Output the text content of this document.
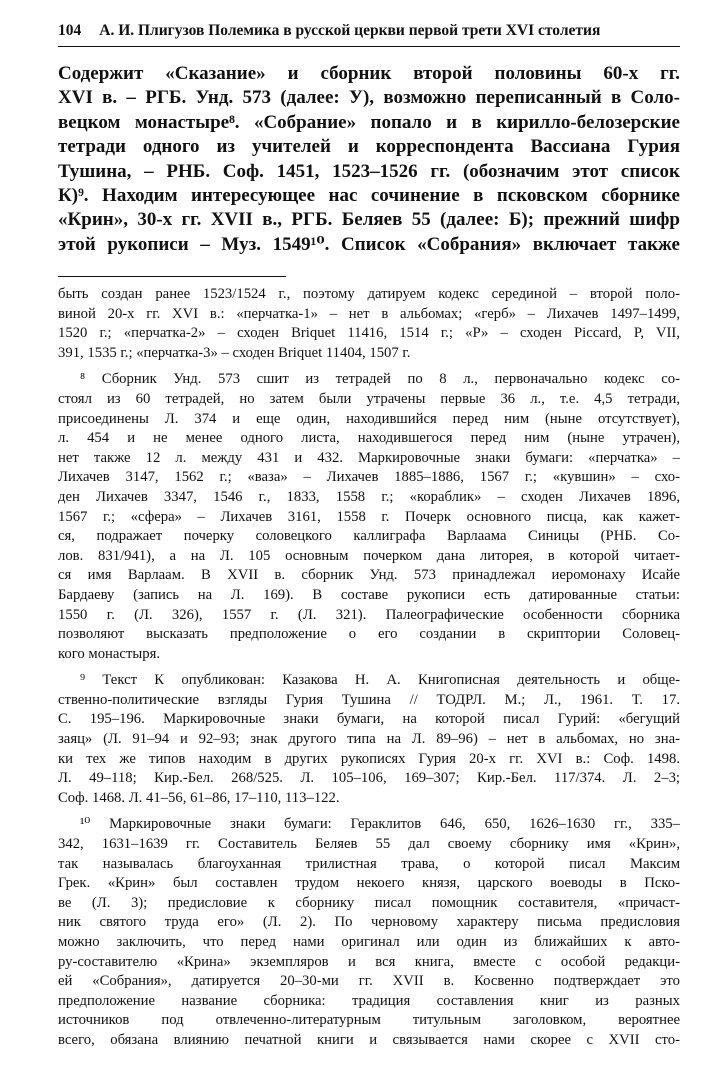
104 А. И. Плигузов Полемика в русской церкви первой трети XVI столетия
Содержит «Сказание» и сборник второй половины 60-х гг.
XVI в. – РГБ. Унд. 573 (далее: У), возможно переписанный в Соло-
вецком монастыре⁸. «Собрание» попало и в кирилло-белозерские
тетради одного из учителей и корреспондента Вассиана Гурия
Тушина, – РНБ. Соф. 1451, 1523–1526 гг. (обозначим этот список
К)⁹. Находим интересующее нас сочинение в псковском сборнике
«Крин», 30-х гг. XVII в., РГБ. Беляев 55 (далее: Б); прежний шифр
этой рукописи – Муз. 1549¹⁰. Список «Собрания» включает также
быть создан ранее 1523/1524 г., поэтому датируем кодекс серединой – второй поло-
виной 20-х гг. XVI в.: «перчатка-1» – нет в альбомах; «герб» – Лихачев 1497–1499,
1520 г.; «перчатка-2» – сходен Briquet 11416, 1514 г.; «Р» – сходен Piccard, P, VII,
391, 1535 г.; «перчатка-3» – сходен Briquet 11404, 1507 г.
⁸ Сборник Унд. 573 сшит из тетрадей по 8 л., первоначально кодекс со-
стоял из 60 тетрадей, но затем были утрачены первые 36 л., т.е. 4,5 тетради,
присоединены Л. 374 и еще один, находившийся перед ним (ныне отсутствует),
л. 454 и не менее одного листа, находившегося перед ним (ныне утрачен),
нет также 12 л. между 431 и 432. Маркировочные знаки бумаги: «перчатка» –
Лихачев 3147, 1562 г.; «ваза» – Лихачев 1885–1886, 1567 г.; «кувшин» – схо-
ден Лихачев 3347, 1546 г., 1833, 1558 г.; «кораблик» – сходен Лихачев 1896,
1567 г.; «сфера» – Лихачев 3161, 1558 г. Почерк основного писца, как кажет-
ся, подражает почерку соловецкого каллиграфа Варлаама Синицы (РНБ. Со-
лов. 831/941), а на Л. 105 основным почерком дана литорея, в которой читает-
ся имя Варлаам. В XVII в. сборник Унд. 573 принадлежал иеромонаху Исайе
Бардаеву (запись на Л. 169). В составе рукописи есть датированные статьи:
1550 г. (Л. 326), 1557 г. (Л. 321). Палеографические особенности сборника
позволяют высказать предположение о его создании в скриптории Соловец-
кого монастыря.
⁹ Текст К опубликован: Казакова Н. А. Книгописная деятельность и обще-
ственно-политические взгляды Гурия Тушина // ТОДРЛ. М.; Л., 1961. Т. 17.
С. 195–196. Маркировочные знаки бумаги, на которой писал Гурий: «бегущий
заяц» (Л. 91–94 и 92–93; знак другого типа на Л. 89–96) – нет в альбомах, но зна-
ки тех же типов находим в других рукописях Гурия 20-х гг. XVI в.: Соф. 1498.
Л. 49–118; Кир.-Бел. 268/525. Л. 105–106, 169–307; Кир.-Бел. 117/374. Л. 2–3;
Соф. 1468. Л. 41–56, 61–86, 17–110, 113–122.
¹⁰ Маркировочные знаки бумаги: Гераклитов 646, 650, 1626–1630 гг., 335–
342, 1631–1639 гг. Составитель Беляев 55 дал своему сборнику имя «Крин»,
так называлась благоуханная трилистная трава, о которой писал Максим
Грек. «Крин» был составлен трудом некоего князя, царского воеводы в Пско-
ве (Л. 3); предисловие к сборнику писал помощник составителя, «причаст-
ник святого труда его» (Л. 2). По черновому характеру письма предисловия
можно заключить, что перед нами оригинал или один из ближайших к авто-
ру-составителю «Крина» экземпляров и вся книга, вместе с особой редакци-
ей «Собрания», датируется 20–30-ми гг. XVII в. Косвенно подтверждает это
предположение название сборника: традиция составления книг из разных
источников под отвлеченно-литературным титульным заголовком, вероятнее
всего, обязана влиянию печатной книги и связывается нами скорее с XVII сто-
